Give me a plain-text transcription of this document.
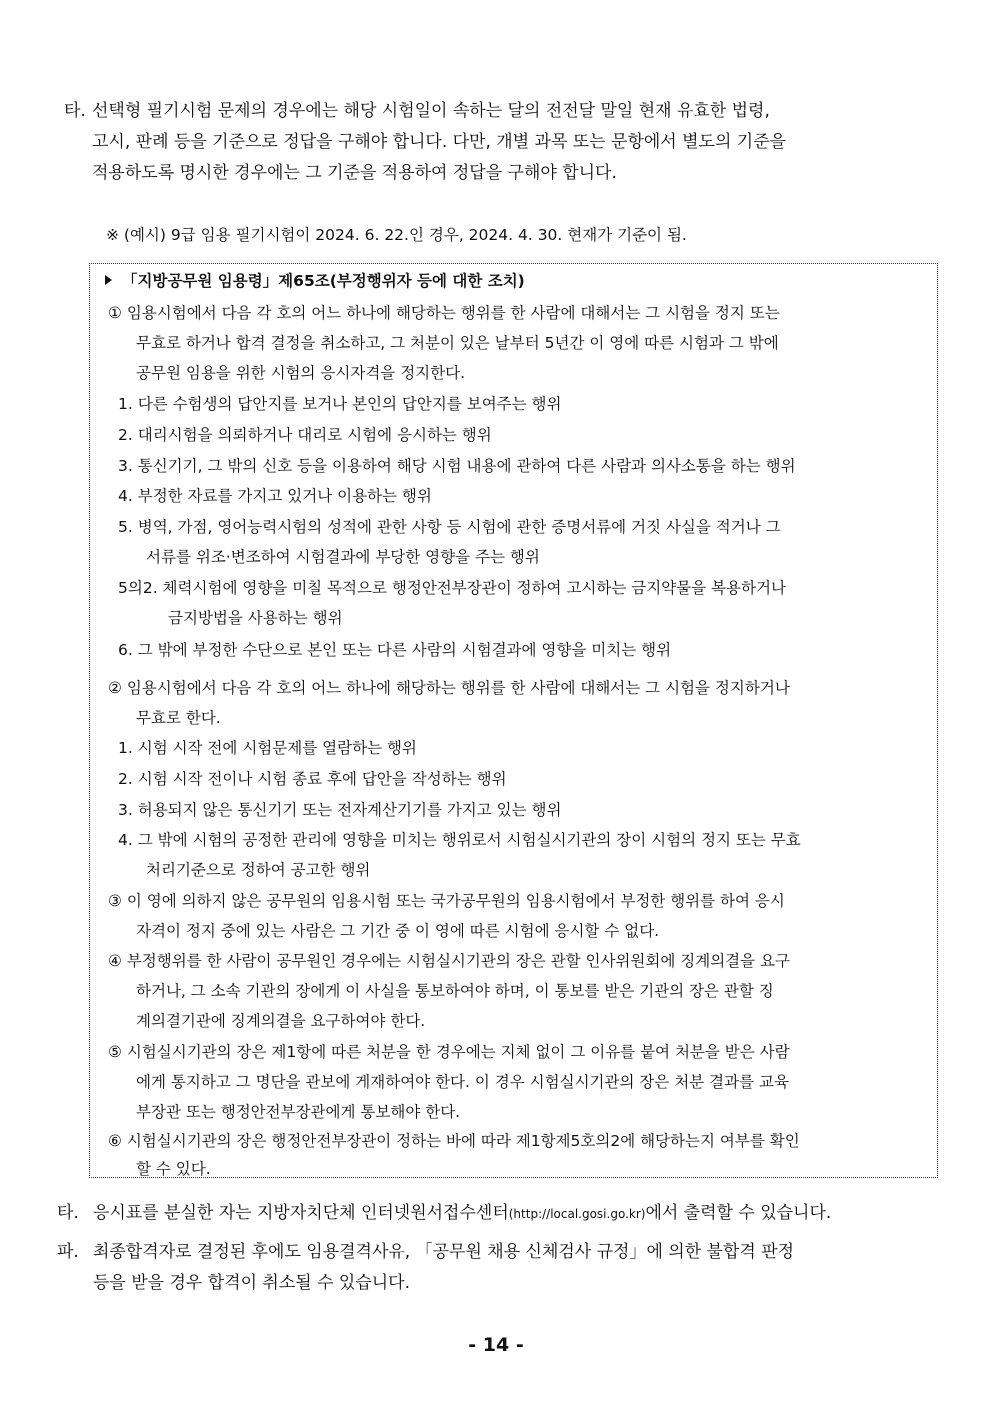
타. 선택형 필기시험 문제의 경우에는 해당 시험일이 속하는 달의 전전달 말일 현재 유효한 법령,
고시, 판례 등을 기준으로 정답을 구해야 합니다. 다만, 개별 과목 또는 문항에서 별도의 기준을
적용하도록 명시한 경우에는 그 기준을 적용하여 정답을 구해야 합니다.
※ (예시) 9급 임용 필기시험이 2024. 6. 22.인 경우, 2024. 4. 30. 현재가 기준이 됨.
「지방공무원 임용령」제65조(부정행위자 등에 대한 조치)
① 임용시험에서 다음 각 호의 어느 하나에 해당하는 행위를 한 사람에 대해서는 그 시험을 정지 또는
무효로 하거나 합격 결정을 취소하고, 그 처분이 있은 날부터 5년간 이 영에 따른 시험과 그 밖에
공무원 임용을 위한 시험의 응시자격을 정지한다.
1. 다른 수험생의 답안지를 보거나 본인의 답안지를 보여주는 행위
2. 대리시험을 의뢰하거나 대리로 시험에 응시하는 행위
3. 통신기기, 그 밖의 신호 등을 이용하여 해당 시험 내용에 관하여 다른 사람과 의사소통을 하는 행위
4. 부정한 자료를 가지고 있거나 이용하는 행위
5. 병역, 가점, 영어능력시험의 성적에 관한 사항 등 시험에 관한 증명서류에 거짓 사실을 적거나 그
서류를 위조·변조하여 시험결과에 부당한 영향을 주는 행위
5의2. 체력시험에 영향을 미칠 목적으로 행정안전부장관이 정하여 고시하는 금지약물을 복용하거나
금지방법을 사용하는 행위
6. 그 밖에 부정한 수단으로 본인 또는 다른 사람의 시험결과에 영향을 미치는 행위
② 임용시험에서 다음 각 호의 어느 하나에 해당하는 행위를 한 사람에 대해서는 그 시험을 정지하거나
무효로 한다.
1. 시험 시작 전에 시험문제를 열람하는 행위
2. 시험 시작 전이나 시험 종료 후에 답안을 작성하는 행위
3. 허용되지 않은 통신기기 또는 전자계산기기를 가지고 있는 행위
4. 그 밖에 시험의 공정한 관리에 영향을 미치는 행위로서 시험실시기관의 장이 시험의 정지 또는 무효
처리기준으로 정하여 공고한 행위
③ 이 영에 의하지 않은 공무원의 임용시험 또는 국가공무원의 임용시험에서 부정한 행위를 하여 응시
자격이 정지 중에 있는 사람은 그 기간 중 이 영에 따른 시험에 응시할 수 없다.
④ 부정행위를 한 사람이 공무원인 경우에는 시험실시기관의 장은 관할 인사위원회에 징계의결을 요구
하거나, 그 소속 기관의 장에게 이 사실을 통보하여야 하며, 이 통보를 받은 기관의 장은 관할 징
계의결기관에 징계의결을 요구하여야 한다.
⑤ 시험실시기관의 장은 제1항에 따른 처분을 한 경우에는 지체 없이 그 이유를 붙여 처분을 받은 사람
에게 통지하고 그 명단을 관보에 게재하여야 한다. 이 경우 시험실시기관의 장은 처분 결과를 교육
부장관 또는 행정안전부장관에게 통보해야 한다.
⑥ 시험실시기관의 장은 행정안전부장관이 정하는 바에 따라 제1항제5호의2에 해당하는지 여부를 확인
할 수 있다.
타. 응시표를 분실한 자는 지방자치단체 인터넷원서접수센터(http://local.gosi.go.kr)에서 출력할 수 있습니다.
파. 최종합격자로 결정된 후에도 임용결격사유, 「공무원 채용 신체검사 규정」에 의한 불합격 판정
등을 받을 경우 합격이 취소될 수 있습니다.
- 14 -
